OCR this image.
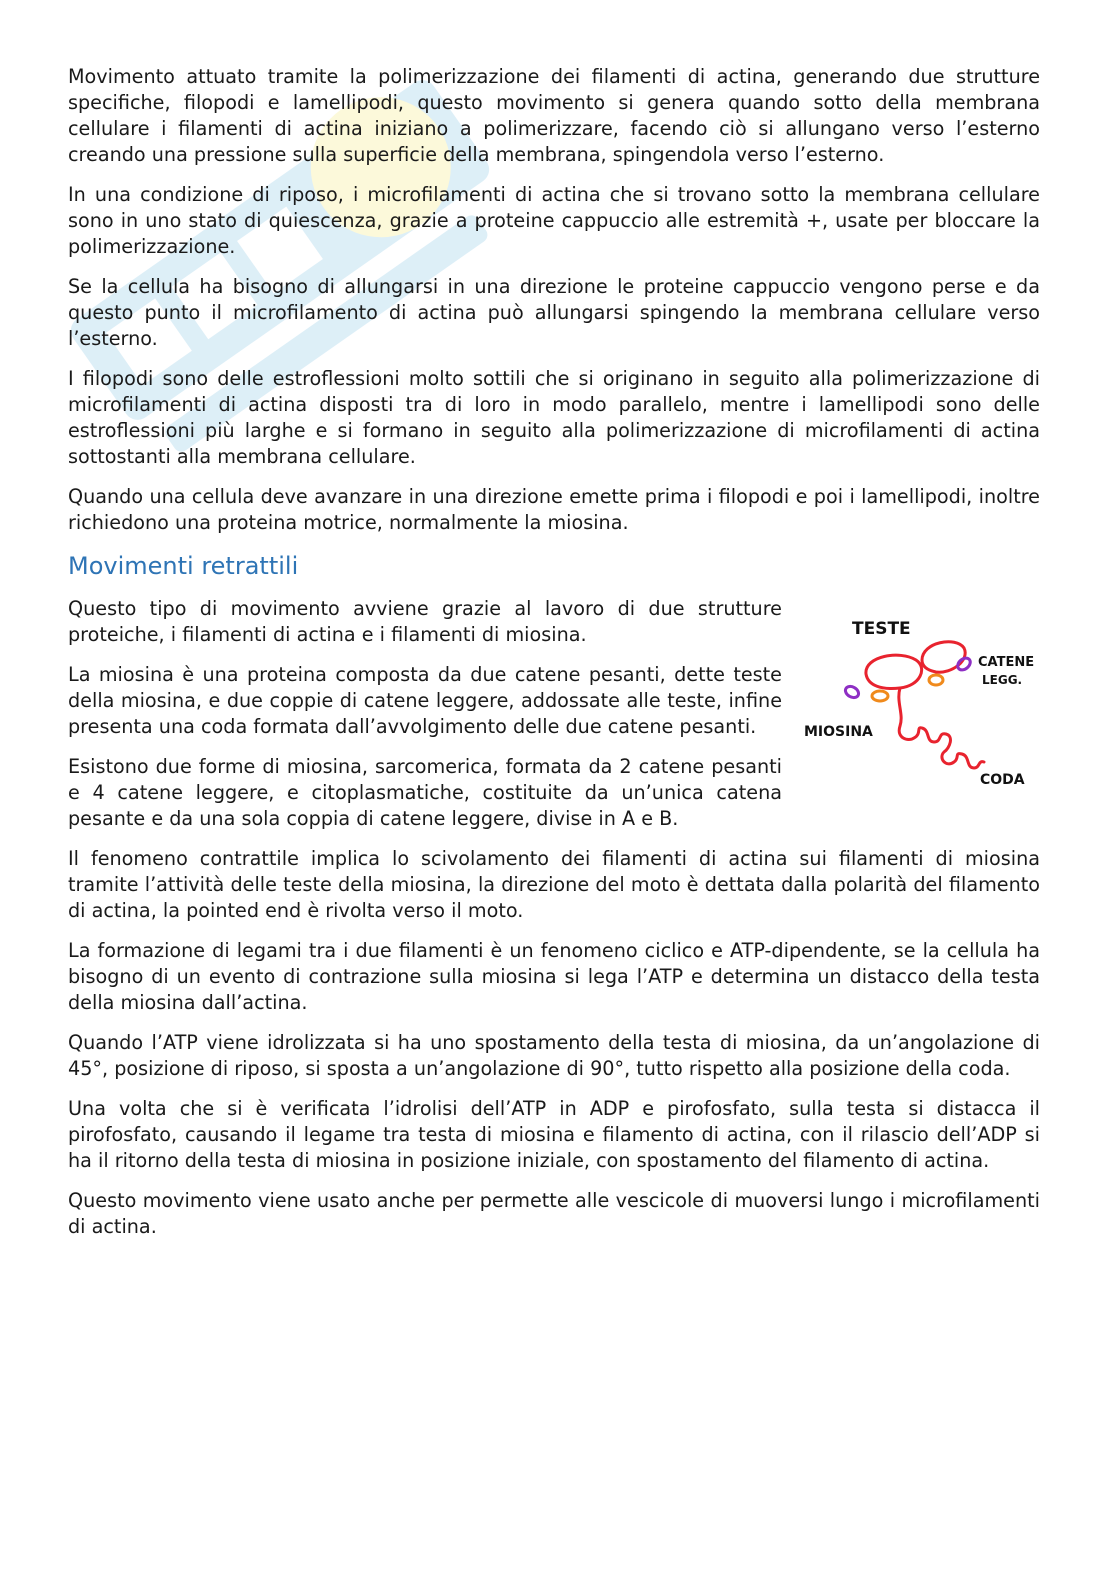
Movimento attuato tramite la polimerizzazione dei filamenti di actina, generando due strutture specifiche, filopodi e lamellipodi, questo movimento si genera quando sotto della membrana cellulare i filamenti di actina iniziano a polimerizzare, facendo ciò si allungano verso l’esterno creando una pressione sulla superficie della membrana, spingendola verso l’esterno.

In una condizione di riposo, i microfilamenti di actina che si trovano sotto la membrana cellulare sono in uno stato di quiescenza, grazie a proteine cappuccio alle estremità +, usate per bloccare la polimerizzazione.

Se la cellula ha bisogno di allungarsi in una direzione le proteine cappuccio vengono perse e da questo punto il microfilamento di actina può allungarsi spingendo la membrana cellulare verso l’esterno.

I filopodi sono delle estroflessioni molto sottili che si originano in seguito alla polimerizzazione di microfilamenti di actina disposti tra di loro in modo parallelo, mentre i lamellipodi sono delle estroflessioni più larghe e si formano in seguito alla polimerizzazione di microfilamenti di actina sottostanti alla membrana cellulare.

Quando una cellula deve avanzare in una direzione emette prima i filopodi e poi i lamellipodi, inoltre richiedono una proteina motrice, normalmente la miosina.

Movimenti retrattili
TESTE
CATENE
LEGG.
MIOSINA
CODA

Questo tipo di movimento avviene grazie al lavoro di due strutture proteiche, i filamenti di actina e i filamenti di miosina.

La miosina è una proteina composta da due catene pesanti, dette teste della miosina, e due coppie di catene leggere, addossate alle teste, infine presenta una coda formata dall’avvolgimento delle due catene pesanti.

Esistono due forme di miosina, sarcomerica, formata da 2 catene pesanti e 4 catene leggere, e citoplasmatiche, costituite da un’unica catena pesante e da una sola coppia di catene leggere, divise in A e B.

Il fenomeno contrattile implica lo scivolamento dei filamenti di actina sui filamenti di miosina tramite l’attività delle teste della miosina, la direzione del moto è dettata dalla polarità del filamento di actina, la pointed end è rivolta verso il moto.

La formazione di legami tra i due filamenti è un fenomeno ciclico e ATP-dipendente, se la cellula ha bisogno di un evento di contrazione sulla miosina si lega l’ATP e determina un distacco della testa della miosina dall’actina.

Quando l’ATP viene idrolizzata si ha uno spostamento della testa di miosina, da un’angolazione di 45°, posizione di riposo, si sposta a un’angolazione di 90°, tutto rispetto alla posizione della coda.

Una volta che si è verificata l’idrolisi dell’ATP in ADP e pirofosfato, sulla testa si distacca il pirofosfato, causando il legame tra testa di miosina e filamento di actina, con il rilascio dell’ADP si ha il ritorno della testa di miosina in posizione iniziale, con spostamento del filamento di actina.

Questo movimento viene usato anche per permette alle vescicole di muoversi lungo i microfilamenti di actina.
